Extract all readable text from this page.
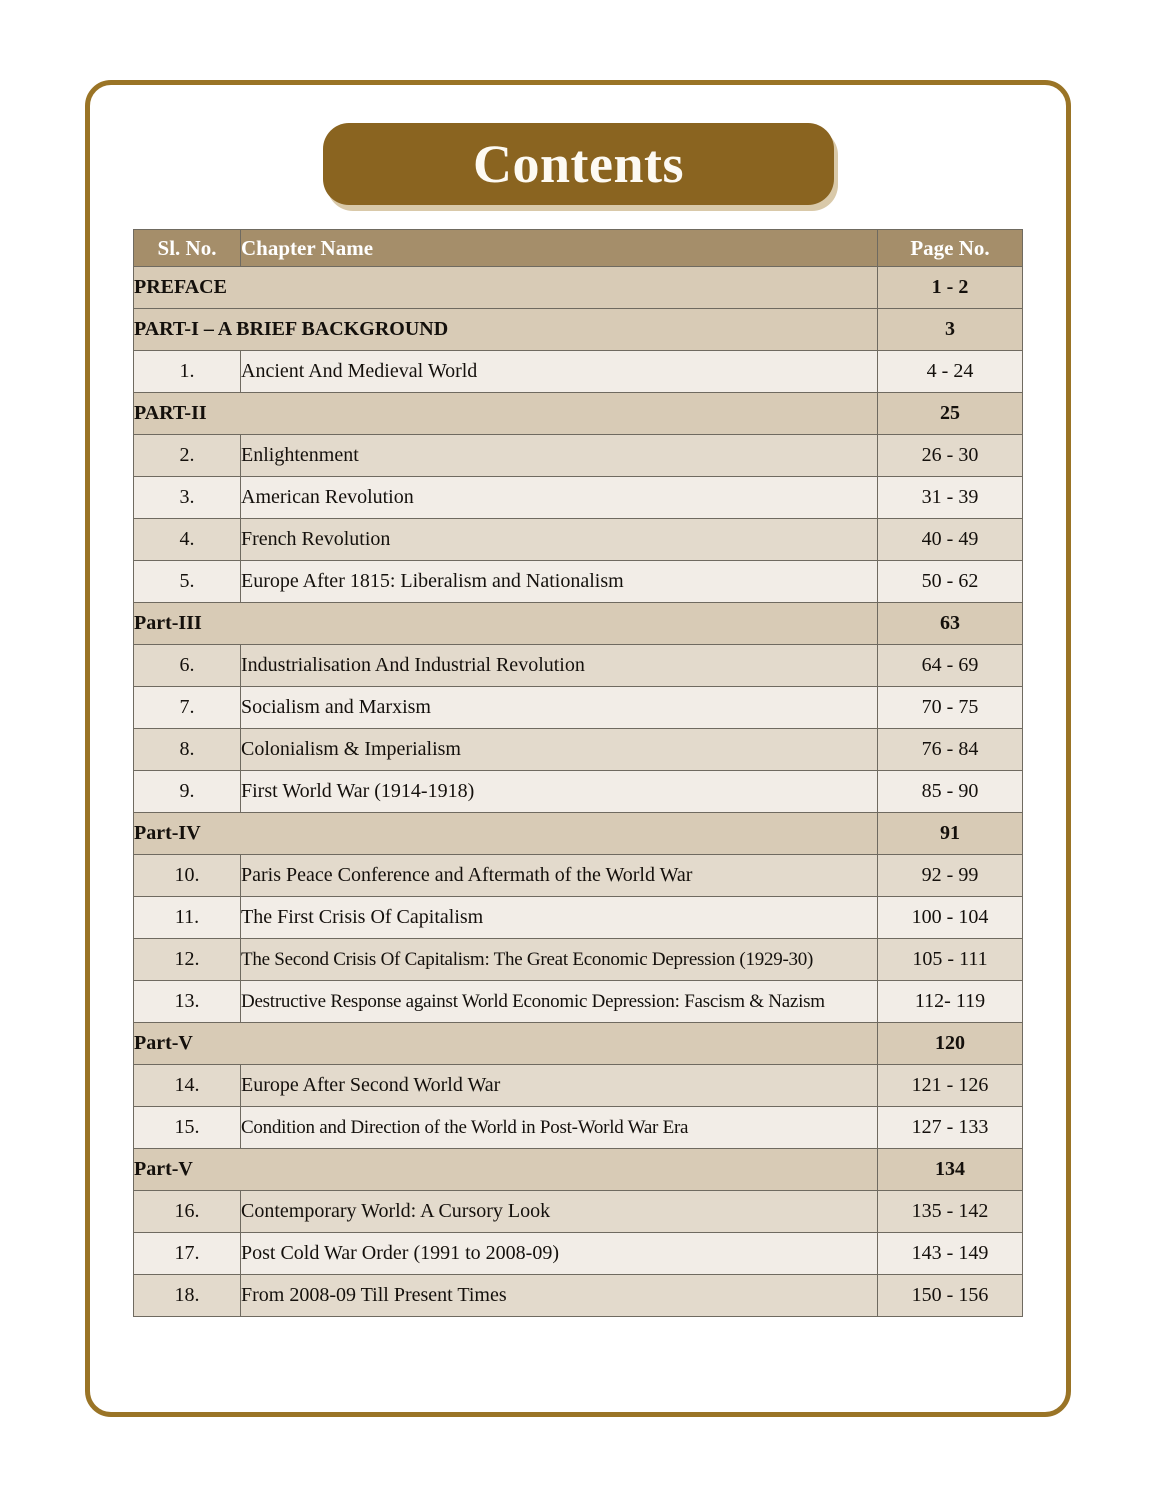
Contents
Sl. No.	Chapter Name	Page No.
PREFACE		1 - 2
PART-I – A BRIEF BACKGROUND		3
1.	Ancient And Medieval World	4 - 24
PART-II		25
2.	Enlightenment	26 - 30
3.	American Revolution	31 - 39
4.	French Revolution	40 - 49
5.	Europe After 1815: Liberalism and Nationalism	50 - 62
Part-III		63
6.	Industrialisation And Industrial Revolution	64 - 69
7.	Socialism and Marxism	70 - 75
8.	Colonialism & Imperialism	76 - 84
9.	First World War (1914-1918)	85 - 90
Part-IV		91
10.	Paris Peace Conference and Aftermath of the World War	92 - 99
11.	The First Crisis Of Capitalism	100 - 104
12.	The Second Crisis Of Capitalism: The Great Economic Depression (1929-30)	105 - 111
13.	Destructive Response against World Economic Depression: Fascism & Nazism	112- 119
Part-V		120
14.	Europe After Second World War	121 - 126
15.	Condition and Direction of the World in Post-World War Era	127 - 133
Part-V		134
16.	Contemporary World: A Cursory Look	135 - 142
17.	Post Cold War Order (1991 to 2008-09)	143 - 149
18.	From 2008-09 Till Present Times	150 - 156
